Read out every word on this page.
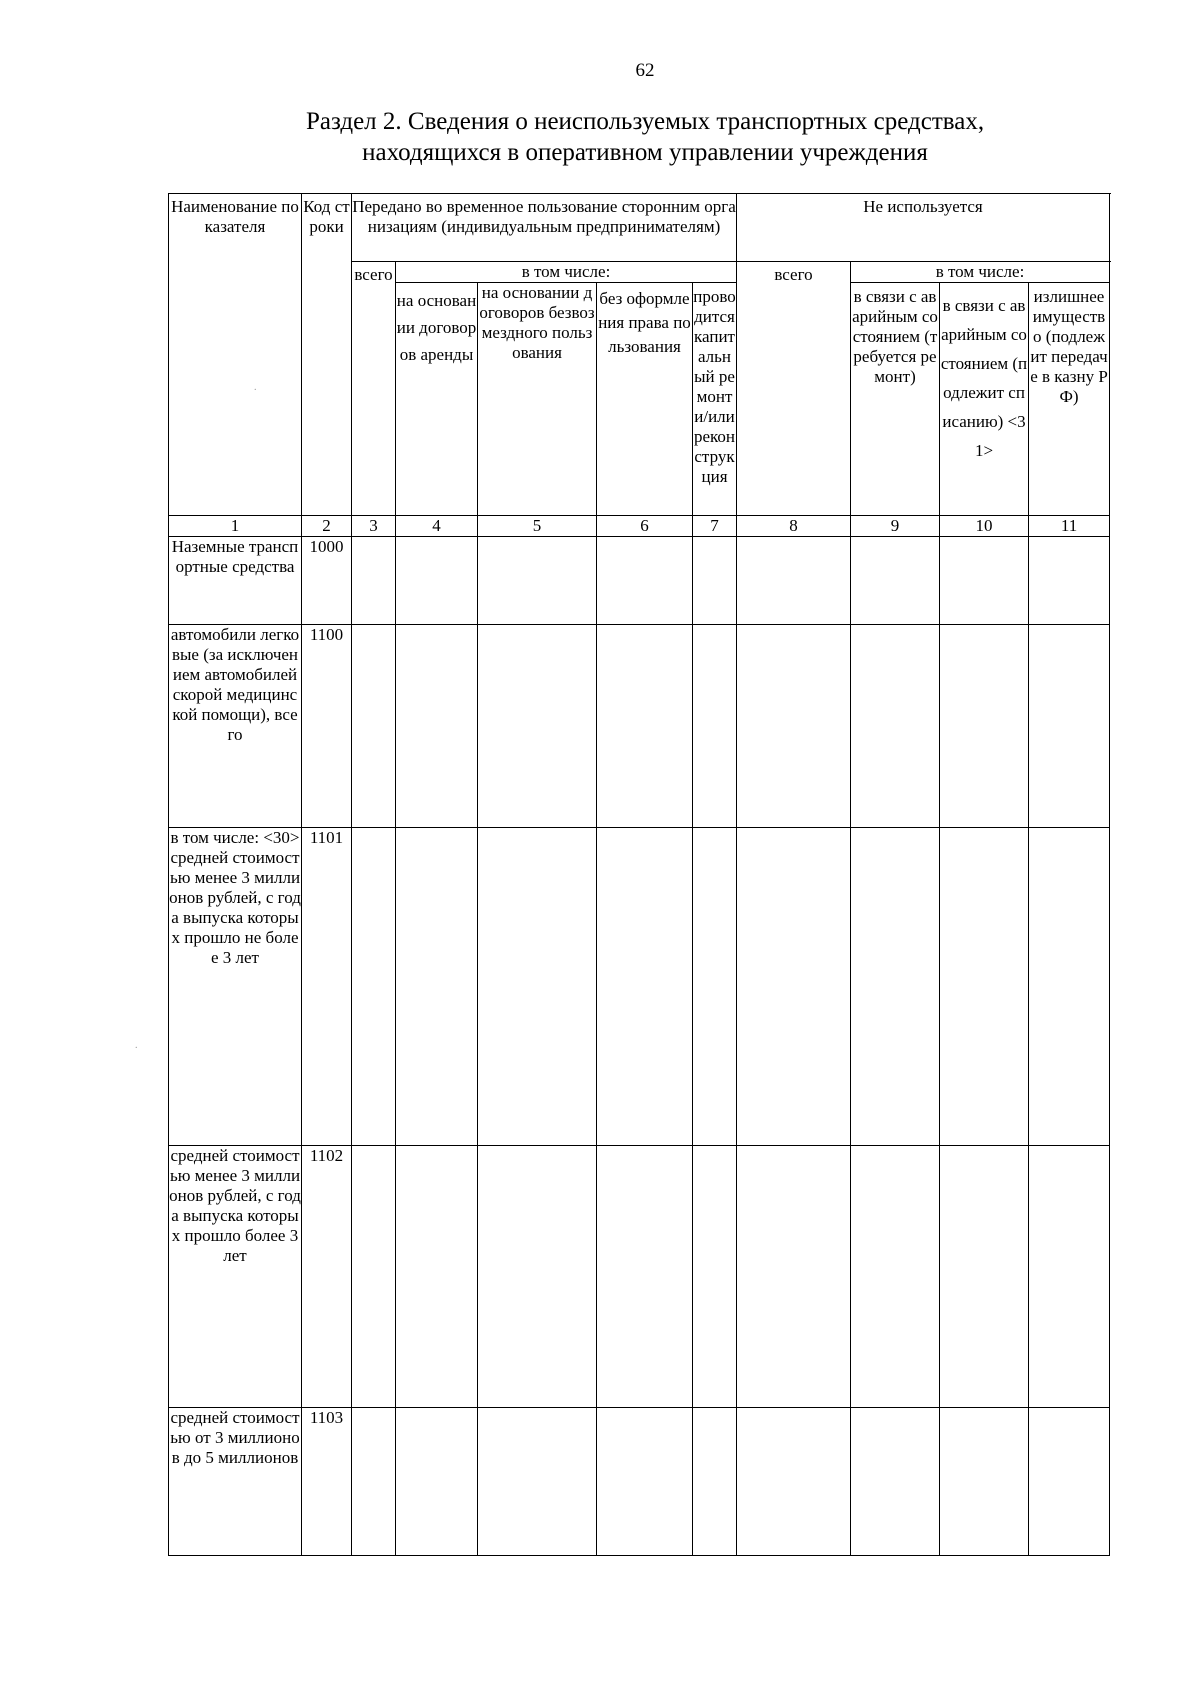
62
Раздел 2. Сведения о неиспользуемых транспортных средствах,
находящихся в оперативном управлении учреждения
Наименование показателя	Код строки	Передано во временное пользование сторонним организациям (индивидуальным предпринимателям)					Не используется			
		всего	в том числе:				всего	в том числе:		
			на основании договоров аренды	на основании договоров безвозмездного пользования	без оформления права пользования	проводится капитальный ремонт и/или реконструкция		в связи с аварийным состоянием (требуется ремонт)	в связи с аварийным состоянием (подлежит списанию) <31>	излишнее имущество (подлежит передаче в казну РФ)
1	2	3	4	5	6	7	8	9	10	11
Наземные транспортные средства	1000									
автомобили легковые (за исключением автомобилей скорой медицинской помощи), всего	1100									
в том числе: <30> средней стоимостью менее 3 миллионов рублей, с года выпуска которых прошло не более 3 лет	1101									
средней стоимостью менее 3 миллионов рублей, с года выпуска которых прошло более 3 лет	1102									
средней стоимостью от 3 миллионов до 5 миллионов	1103									
.
.
